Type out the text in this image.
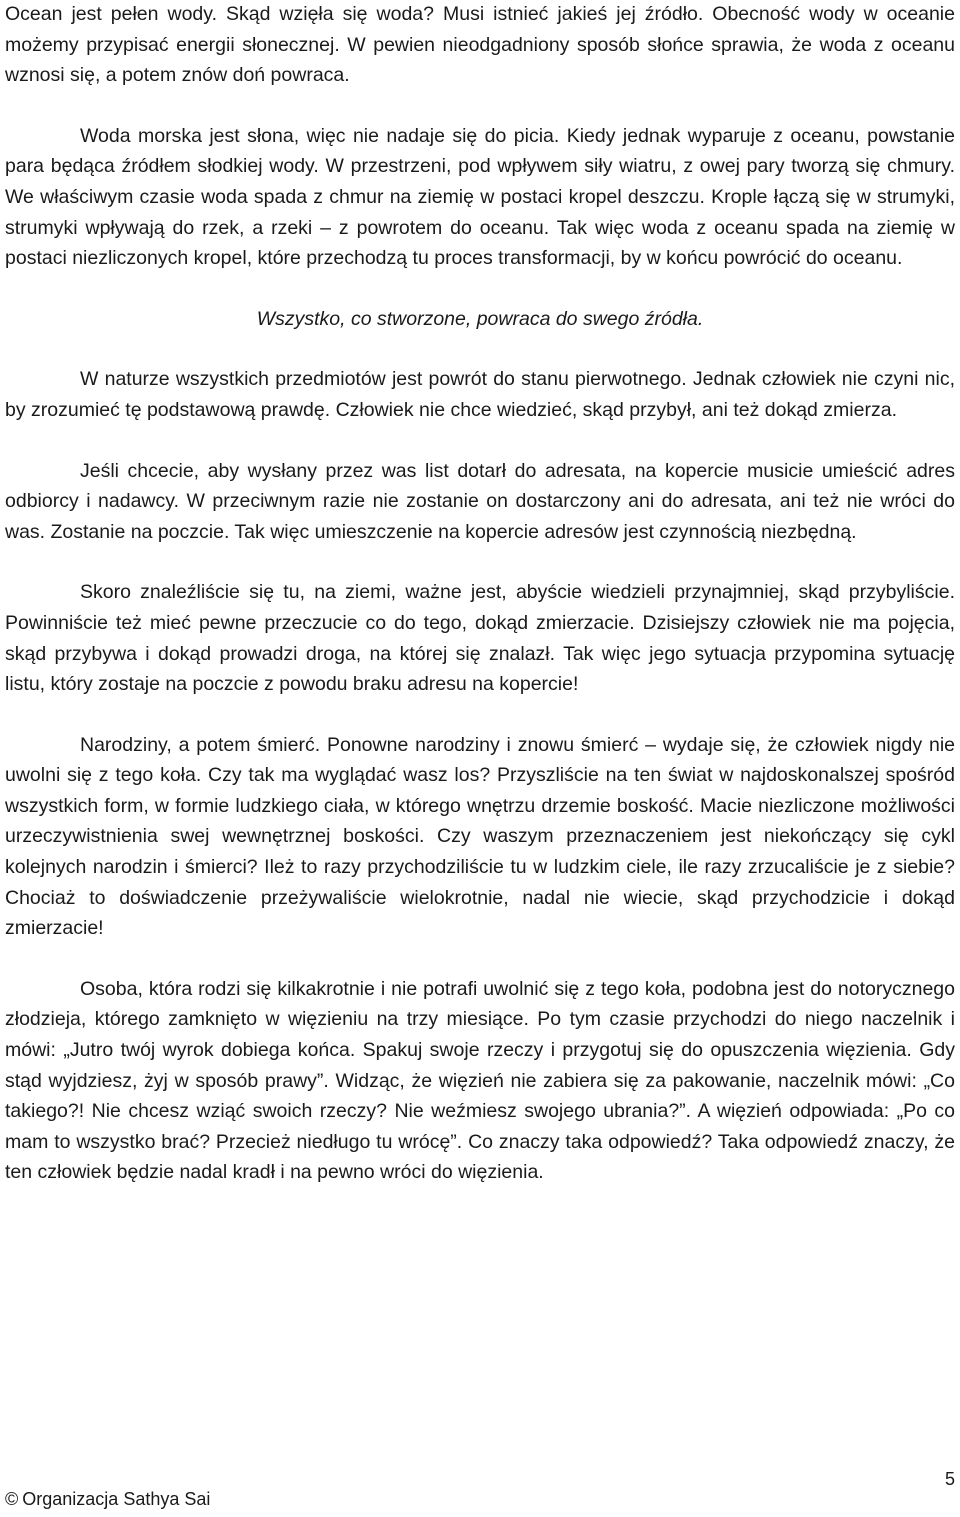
Ocean jest pełen wody. Skąd wzięła się woda? Musi istnieć jakieś jej źródło. Obecność wody w oceanie możemy przypisać energii słonecznej. W pewien nieodgadniony sposób słońce sprawia, że woda z oceanu wznosi się, a potem znów doń powraca.

Woda morska jest słona, więc nie nadaje się do picia. Kiedy jednak wyparuje z oceanu, powstanie para będąca źródłem słodkiej wody. W przestrzeni, pod wpływem siły wiatru, z owej pary tworzą się chmury. We właściwym czasie woda spada z chmur na ziemię w postaci kropel deszczu. Krople łączą się w strumyki, strumyki wpływają do rzek, a rzeki – z powrotem do oceanu. Tak więc woda z oceanu spada na ziemię w postaci niezliczonych kropel, które przechodzą tu proces transformacji, by w końcu powrócić do oceanu.

Wszystko, co stworzone, powraca do swego źródła.

W naturze wszystkich przedmiotów jest powrót do stanu pierwotnego. Jednak człowiek nie czyni nic, by zrozumieć tę podstawową prawdę. Człowiek nie chce wiedzieć, skąd przybył, ani też dokąd zmierza.

Jeśli chcecie, aby wysłany przez was list dotarł do adresata, na kopercie musicie umieścić adres odbiorcy i nadawcy. W przeciwnym razie nie zostanie on dostarczony ani do adresata, ani też nie wróci do was. Zostanie na poczcie. Tak więc umieszczenie na kopercie adresów jest czynnością niezbędną.

Skoro znaleźliście się tu, na ziemi, ważne jest, abyście wiedzieli przynajmniej, skąd przybyliście. Powinniście też mieć pewne przeczucie co do tego, dokąd zmierzacie. Dzisiejszy człowiek nie ma pojęcia, skąd przybywa i dokąd prowadzi droga, na której się znalazł. Tak więc jego sytuacja przypomina sytuację listu, który zostaje na poczcie z powodu braku adresu na kopercie!

Narodziny, a potem śmierć. Ponowne narodziny i znowu śmierć – wydaje się, że człowiek nigdy nie uwolni się z tego koła. Czy tak ma wyglądać wasz los? Przyszliście na ten świat w najdoskonalszej spośród wszystkich form, w formie ludzkiego ciała, w którego wnętrzu drzemie boskość. Macie niezliczone możliwości urzeczywistnienia swej wewnętrznej boskości. Czy waszym przeznaczeniem jest niekończący się cykl kolejnych narodzin i śmierci? Ileż to razy przychodziliście tu w ludzkim ciele, ile razy zrzucaliście je z siebie? Chociaż to doświadczenie przeżywaliście wielokrotnie, nadal nie wiecie, skąd przychodzicie i dokąd zmierzacie!

Osoba, która rodzi się kilkakrotnie i nie potrafi uwolnić się z tego koła, podobna jest do notorycznego złodzieja, którego zamknięto w więzieniu na trzy miesiące. Po tym czasie przychodzi do niego naczelnik i mówi: „Jutro twój wyrok dobiega końca. Spakuj swoje rzeczy i przygotuj się do opuszczenia więzienia. Gdy stąd wyjdziesz, żyj w sposób prawy”. Widząc, że więzień nie zabiera się za pakowanie, naczelnik mówi: „Co takiego?! Nie chcesz wziąć swoich rzeczy? Nie weźmiesz swojego ubrania?”. A więzień odpowiada: „Po co mam to wszystko brać? Przecież niedługo tu wrócę”. Co znaczy taka odpowiedź? Taka odpowiedź znaczy, że ten człowiek będzie nadal kradł i na pewno wróci do więzienia.

5
© Organizacja Sathya Sai
